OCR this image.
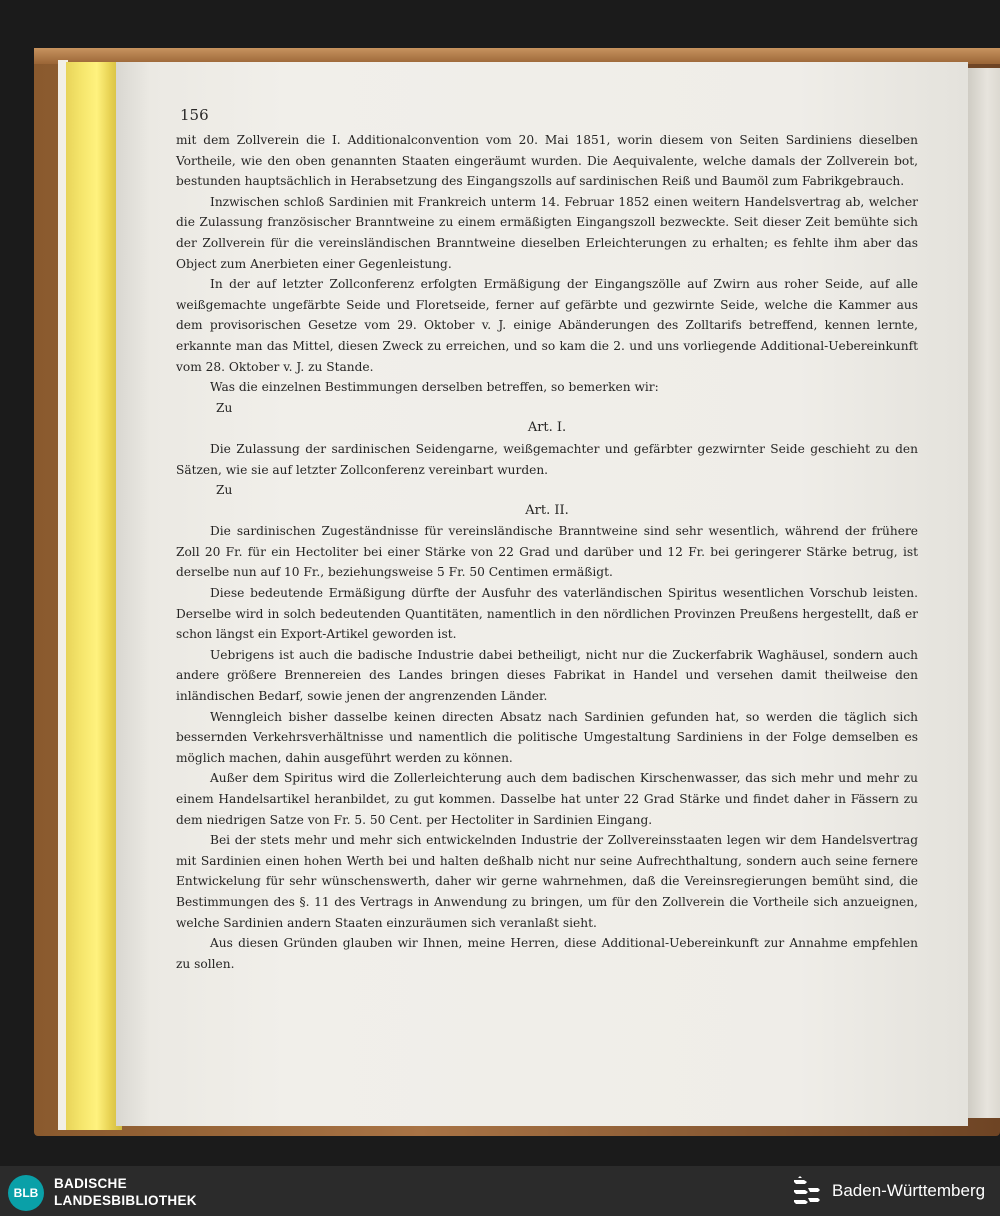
156

mit dem Zollverein die I. Additionalconvention vom 20. Mai 1851, worin diesem von Seiten Sardiniens dieselben Vortheile, wie den oben genannten Staaten eingeräumt wurden. Die Aequivalente, welche damals der Zollverein bot, bestunden hauptsächlich in Herabsetzung des Eingangszolls auf sardinischen Reiß und Baumöl zum Fabrikgebrauch.

Inzwischen schloß Sardinien mit Frankreich unterm 14. Februar 1852 einen weitern Handelsvertrag ab, welcher die Zulassung französischer Branntweine zu einem ermäßigten Eingangszoll bezweckte. Seit dieser Zeit bemühte sich der Zollverein für die vereinsländischen Branntweine dieselben Erleichterungen zu erhalten; es fehlte ihm aber das Object zum Anerbieten einer Gegenleistung.

In der auf letzter Zollconferenz erfolgten Ermäßigung der Eingangszölle auf Zwirn aus roher Seide, auf alle weißgemachte ungefärbte Seide und Floretseide, ferner auf gefärbte und gezwirnte Seide, welche die Kammer aus dem provisorischen Gesetze vom 29. Oktober v. J. einige Abänderungen des Zolltarifs betreffend, kennen lernte, erkannte man das Mittel, diesen Zweck zu erreichen, und so kam die 2. und uns vorliegende Additional-Uebereinkunft vom 28. Oktober v. J. zu Stande.

Was die einzelnen Bestimmungen derselben betreffen, so bemerken wir:

Zu

Art. I.

Die Zulassung der sardinischen Seidengarne, weißgemachter und gefärbter gezwirnter Seide geschieht zu den Sätzen, wie sie auf letzter Zollconferenz vereinbart wurden.

Zu

Art. II.

Die sardinischen Zugeständnisse für vereinsländische Branntweine sind sehr wesentlich, während der frühere Zoll 20 Fr. für ein Hectoliter bei einer Stärke von 22 Grad und darüber und 12 Fr. bei geringerer Stärke betrug, ist derselbe nun auf 10 Fr., beziehungsweise 5 Fr. 50 Centimen ermäßigt.

Diese bedeutende Ermäßigung dürfte der Ausfuhr des vaterländischen Spiritus wesentlichen Vorschub leisten. Derselbe wird in solch bedeutenden Quantitäten, namentlich in den nördlichen Provinzen Preußens hergestellt, daß er schon längst ein Export-Artikel geworden ist.

Uebrigens ist auch die badische Industrie dabei betheiligt, nicht nur die Zuckerfabrik Waghäusel, sondern auch andere größere Brennereien des Landes bringen dieses Fabrikat in Handel und versehen damit theilweise den inländischen Bedarf, sowie jenen der angrenzenden Länder.

Wenngleich bisher dasselbe keinen directen Absatz nach Sardinien gefunden hat, so werden die täglich sich bessernden Verkehrsverhältnisse und namentlich die politische Umgestaltung Sardiniens in der Folge demselben es möglich machen, dahin ausgeführt werden zu können.

Außer dem Spiritus wird die Zollerleichterung auch dem badischen Kirschenwasser, das sich mehr und mehr zu einem Handelsartikel heranbildet, zu gut kommen. Dasselbe hat unter 22 Grad Stärke und findet daher in Fässern zu dem niedrigen Satze von Fr. 5. 50 Cent. per Hectoliter in Sardinien Eingang.

Bei der stets mehr und mehr sich entwickelnden Industrie der Zollvereinsstaaten legen wir dem Handelsvertrag mit Sardinien einen hohen Werth bei und halten deßhalb nicht nur seine Aufrechthaltung, sondern auch seine fernere Entwickelung für sehr wünschenswerth, daher wir gerne wahrnehmen, daß die Vereinsregierungen bemüht sind, die Bestimmungen des §. 11 des Vertrags in Anwendung zu bringen, um für den Zollverein die Vortheile sich anzueignen, welche Sardinien andern Staaten einzuräumen sich veranlaßt sieht.

Aus diesen Gründen glauben wir Ihnen, meine Herren, diese Additional-Uebereinkunft zur Annahme empfehlen zu sollen.

BLB
BADISCHE
LANDESBIBLIOTHEK
Baden-Württemberg
